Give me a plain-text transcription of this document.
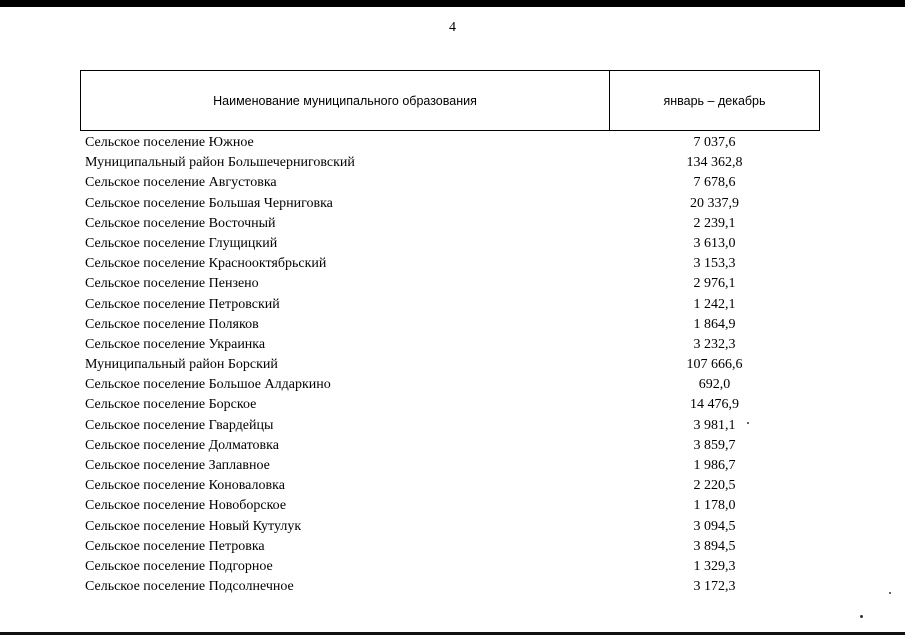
4
Наименование муниципального образования	январь – декабрь
Сельское поселение Южное	7 037,6
Муниципальный район Большечерниговский	134 362,8
Сельское поселение Августовка	7 678,6
Сельское поселение Большая Черниговка	20 337,9
Сельское поселение Восточный	2 239,1
Сельское поселение Глущицкий	3 613,0
Сельское поселение Краснооктябрьский	3 153,3
Сельское поселение Пензено	2 976,1
Сельское поселение Петровский	1 242,1
Сельское поселение Поляков	1 864,9
Сельское поселение Украинка	3 232,3
Муниципальный район Борский	107 666,6
Сельское поселение Большое Алдаркино	692,0
Сельское поселение Борское	14 476,9
Сельское поселение Гвардейцы	3 981,1
Сельское поселение Долматовка	3 859,7
Сельское поселение Заплавное	1 986,7
Сельское поселение Коноваловка	2 220,5
Сельское поселение Новоборское	1 178,0
Сельское поселение Новый Кутулук	3 094,5
Сельское поселение Петровка	3 894,5
Сельское поселение Подгорное	1 329,3
Сельское поселение Подсолнечное	3 172,3
